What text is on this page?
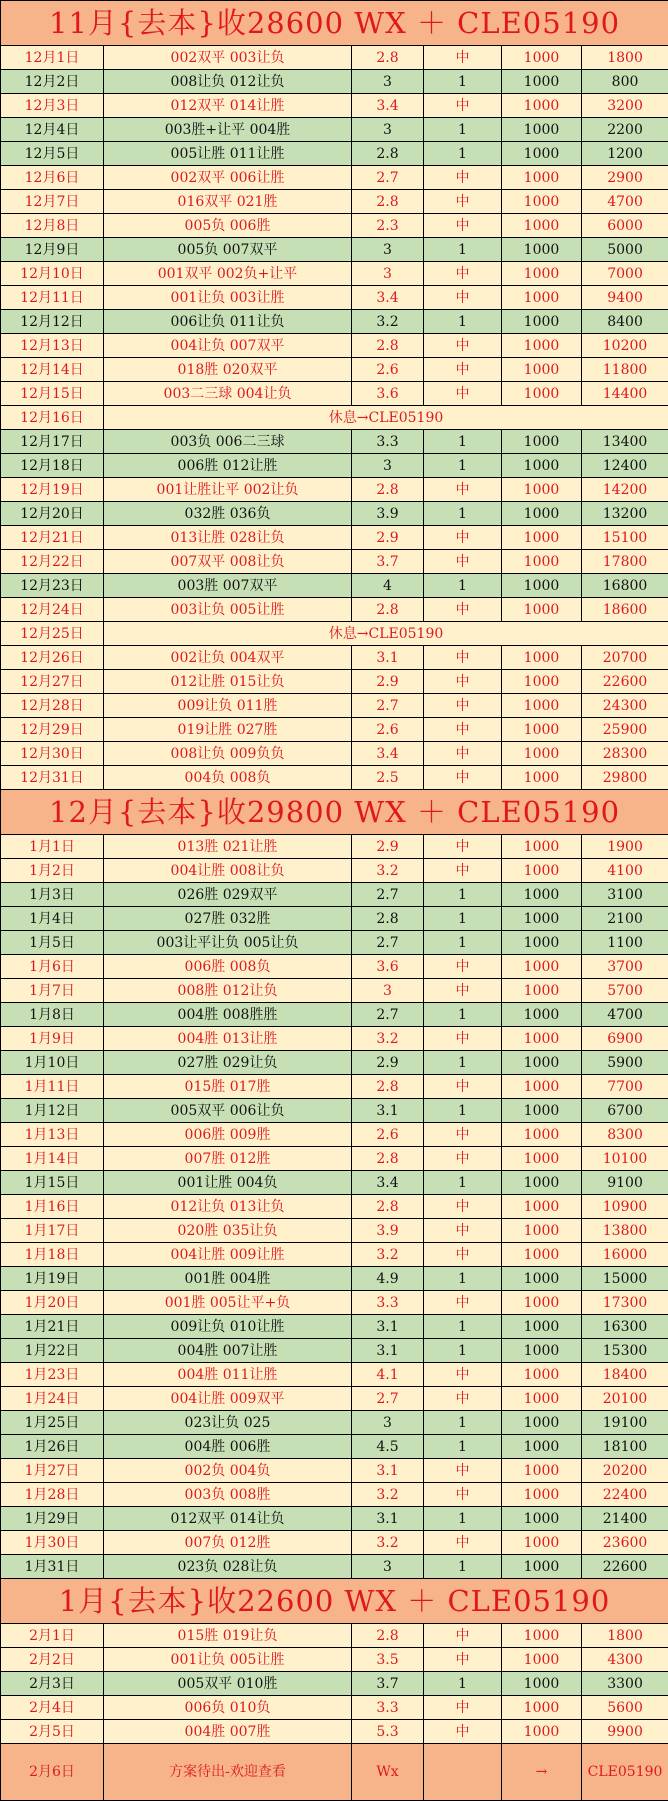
11月{去本}收28600 WX ＋ CLE05190					
12月1日	002双平 003让负	2.8	中	1000	1800
12月2日	008让负 012让负	3	1	1000	800
12月3日	012双平 014让胜	3.4	中	1000	3200
12月4日	003胜+让平 004胜	3	1	1000	2200
12月5日	005让胜 011让胜	2.8	1	1000	1200
12月6日	002双平 006让胜	2.7	中	1000	2900
12月7日	016双平 021胜	2.8	中	1000	4700
12月8日	005负 006胜	2.3	中	1000	6000
12月9日	005负 007双平	3	1	1000	5000
12月10日	001双平 002负+让平	3	中	1000	7000
12月11日	001让负 003让胜	3.4	中	1000	9400
12月12日	006让负 011让负	3.2	1	1000	8400
12月13日	004让负 007双平	2.8	中	1000	10200
12月14日	018胜 020双平	2.6	中	1000	11800
12月15日	003二三球 004让负	3.6	中	1000	14400
12月16日	休息→CLE05190				
12月17日	003负 006二三球	3.3	1	1000	13400
12月18日	006胜 012让胜	3	1	1000	12400
12月19日	001让胜让平 002让负	2.8	中	1000	14200
12月20日	032胜 036负	3.9	1	1000	13200
12月21日	013让胜 028让负	2.9	中	1000	15100
12月22日	007双平 008让负	3.7	中	1000	17800
12月23日	003胜 007双平	4	1	1000	16800
12月24日	003让负 005让胜	2.8	中	1000	18600
12月25日	休息→CLE05190				
12月26日	002让负 004双平	3.1	中	1000	20700
12月27日	012让胜 015让负	2.9	中	1000	22600
12月28日	009让负 011胜	2.7	中	1000	24300
12月29日	019让胜 027胜	2.6	中	1000	25900
12月30日	008让负 009负负	3.4	中	1000	28300
12月31日	004负 008负	2.5	中	1000	29800
12月{去本}收29800 WX ＋ CLE05190					
1月1日	013胜 021让胜	2.9	中	1000	1900
1月2日	004让胜 008让负	3.2	中	1000	4100
1月3日	026胜 029双平	2.7	1	1000	3100
1月4日	027胜 032胜	2.8	1	1000	2100
1月5日	003让平让负 005让负	2.7	1	1000	1100
1月6日	006胜 008负	3.6	中	1000	3700
1月7日	008胜 012让负	3	中	1000	5700
1月8日	004胜 008胜胜	2.7	1	1000	4700
1月9日	004胜 013让胜	3.2	中	1000	6900
1月10日	027胜 029让负	2.9	1	1000	5900
1月11日	015胜 017胜	2.8	中	1000	7700
1月12日	005双平 006让负	3.1	1	1000	6700
1月13日	006胜 009胜	2.6	中	1000	8300
1月14日	007胜 012胜	2.8	中	1000	10100
1月15日	001让胜 004负	3.4	1	1000	9100
1月16日	012让负 013让负	2.8	中	1000	10900
1月17日	020胜 035让负	3.9	中	1000	13800
1月18日	004让胜 009让胜	3.2	中	1000	16000
1月19日	001胜 004胜	4.9	1	1000	15000
1月20日	001胜 005让平+负	3.3	中	1000	17300
1月21日	009让负 010让胜	3.1	1	1000	16300
1月22日	004胜 007让胜	3.1	1	1000	15300
1月23日	004胜 011让胜	4.1	中	1000	18400
1月24日	004让胜 009双平	2.7	中	1000	20100
1月25日	023让负 025	3	1	1000	19100
1月26日	004胜 006胜	4.5	1	1000	18100
1月27日	002负 004负	3.1	中	1000	20200
1月28日	003负 008胜	3.2	中	1000	22400
1月29日	012双平 014让负	3.1	1	1000	21400
1月30日	007负 012胜	3.2	中	1000	23600
1月31日	023负 028让负	3	1	1000	22600
1月{去本}收22600 WX ＋ CLE05190					
2月1日	015胜 019让负	2.8	中	1000	1800
2月2日	001让负 005让胜	3.5	中	1000	4300
2月3日	005双平 010胜	3.7	1	1000	3300
2月4日	006负 010负	3.3	中	1000	5600
2月5日	004胜 007胜	5.3	中	1000	9900
2月6日	方案待出-欢迎查看	Wx		→	CLE05190
